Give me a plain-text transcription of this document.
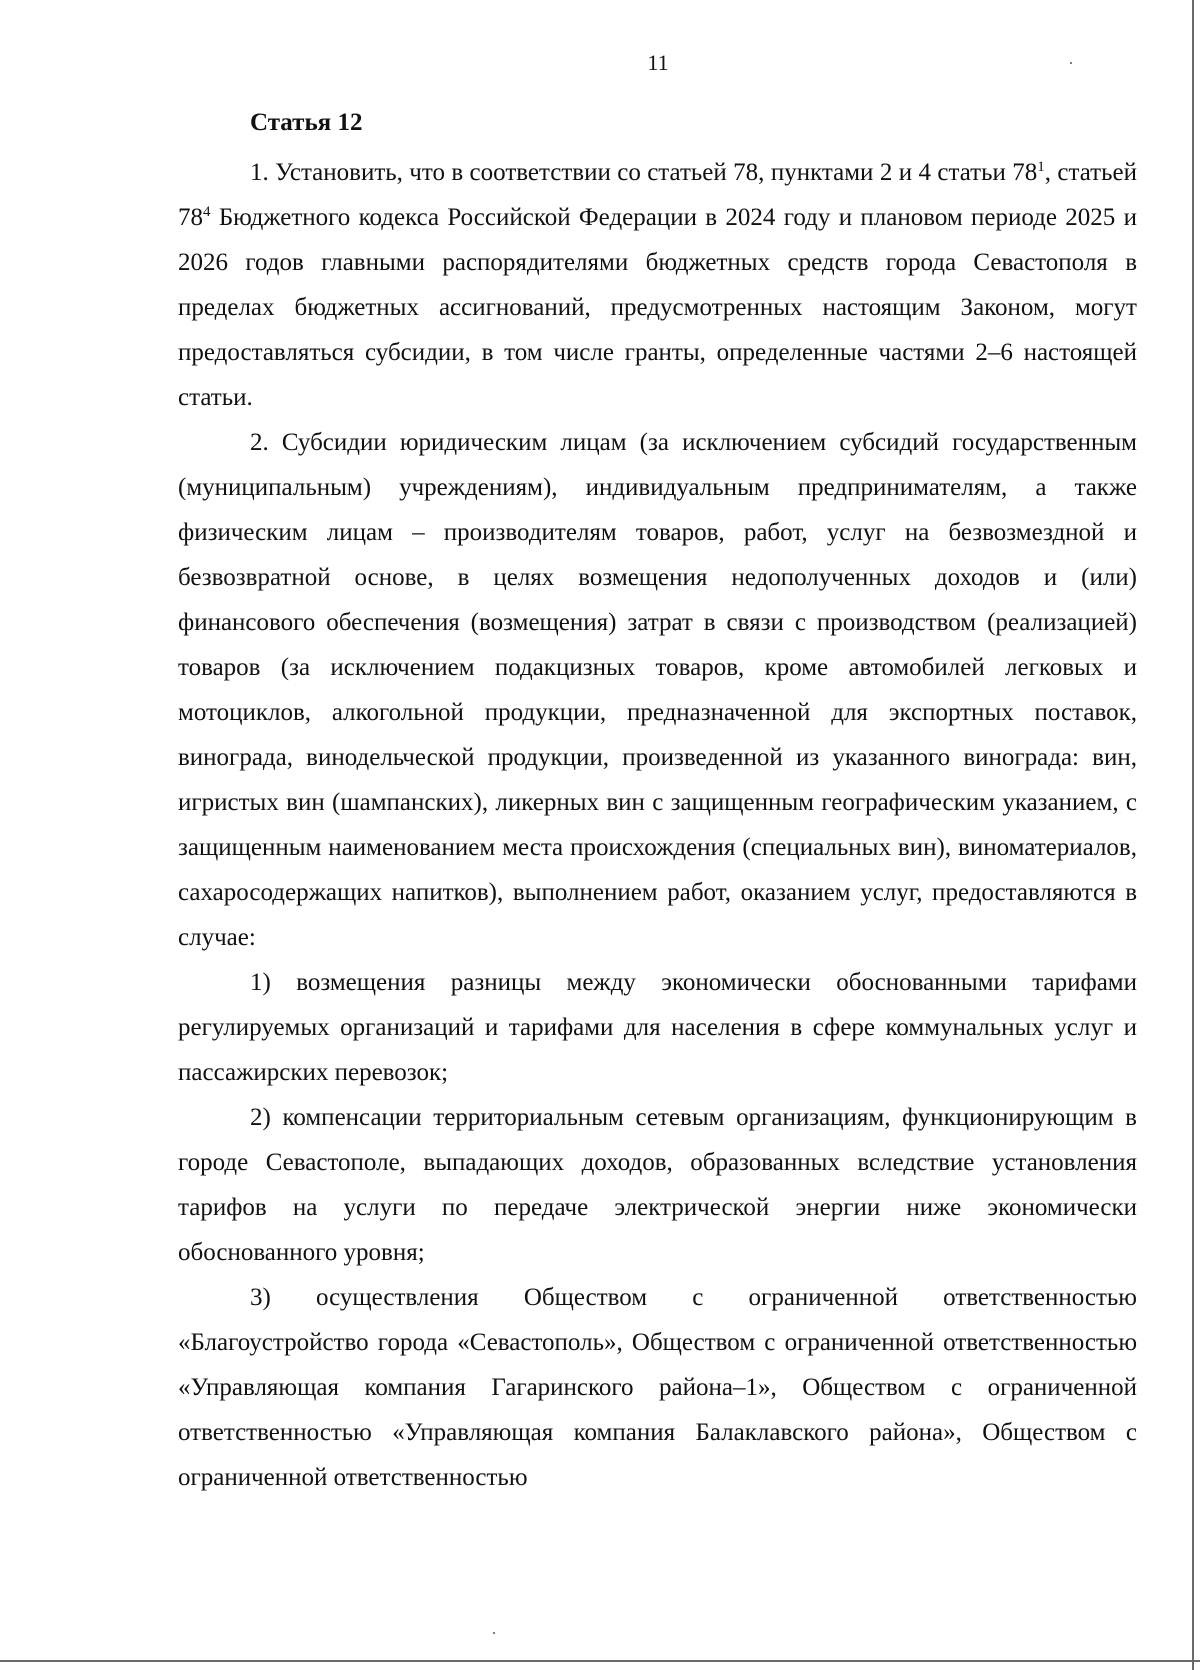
11
Статья 12

1. Установить, что в соответствии со статьей 78, пунктами 2 и 4 статьи $78^1$, статьей $78^4$ Бюджетного кодекса Российской Федерации в 2024 году и плановом периоде 2025 и 2026 годов главными распорядителями бюджетных средств города Севастополя в пределах бюджетных ассигнований, предусмотренных настоящим Законом, могут предоставляться субсидии, в том числе гранты, определенные частями 2–6 настоящей статьи.

2. Субсидии юридическим лицам (за исключением субсидий государственным (муниципальным) учреждениям), индивидуальным предпринимателям, а также физическим лицам – производителям товаров, работ, услуг на безвозмездной и безвозвратной основе, в целях возмещения недополученных доходов и (или) финансового обеспечения (возмещения) затрат в связи с производством (реализацией) товаров (за исключением подакцизных товаров, кроме автомобилей легковых и мотоциклов, алкогольной продукции, предназначенной для экспортных поставок, винограда, винодельческой продукции, произведенной из указанного винограда: вин, игристых вин (шампанских), ликерных вин с защищенным географическим указанием, с защищенным наименованием места происхождения (специальных вин), виноматериалов, сахаросодержащих напитков), выполнением работ, оказанием услуг, предоставляются в случае:

1) возмещения разницы между экономически обоснованными тарифами регулируемых организаций и тарифами для населения в сфере коммунальных услуг и пассажирских перевозок;

2) компенсации территориальным сетевым организациям, функционирующим в городе Севастополе, выпадающих доходов, образованных вследствие установления тарифов на услуги по передаче электрической энергии ниже экономически обоснованного уровня;

3) осуществления Обществом с ограниченной ответственностью «Благоустройство города «Севастополь», Обществом с ограниченной ответственностью «Управляющая компания Гагаринского района–1», Обществом с ограниченной ответственностью «Управляющая компания Балаклавского района», Обществом с ограниченной ответственностью
